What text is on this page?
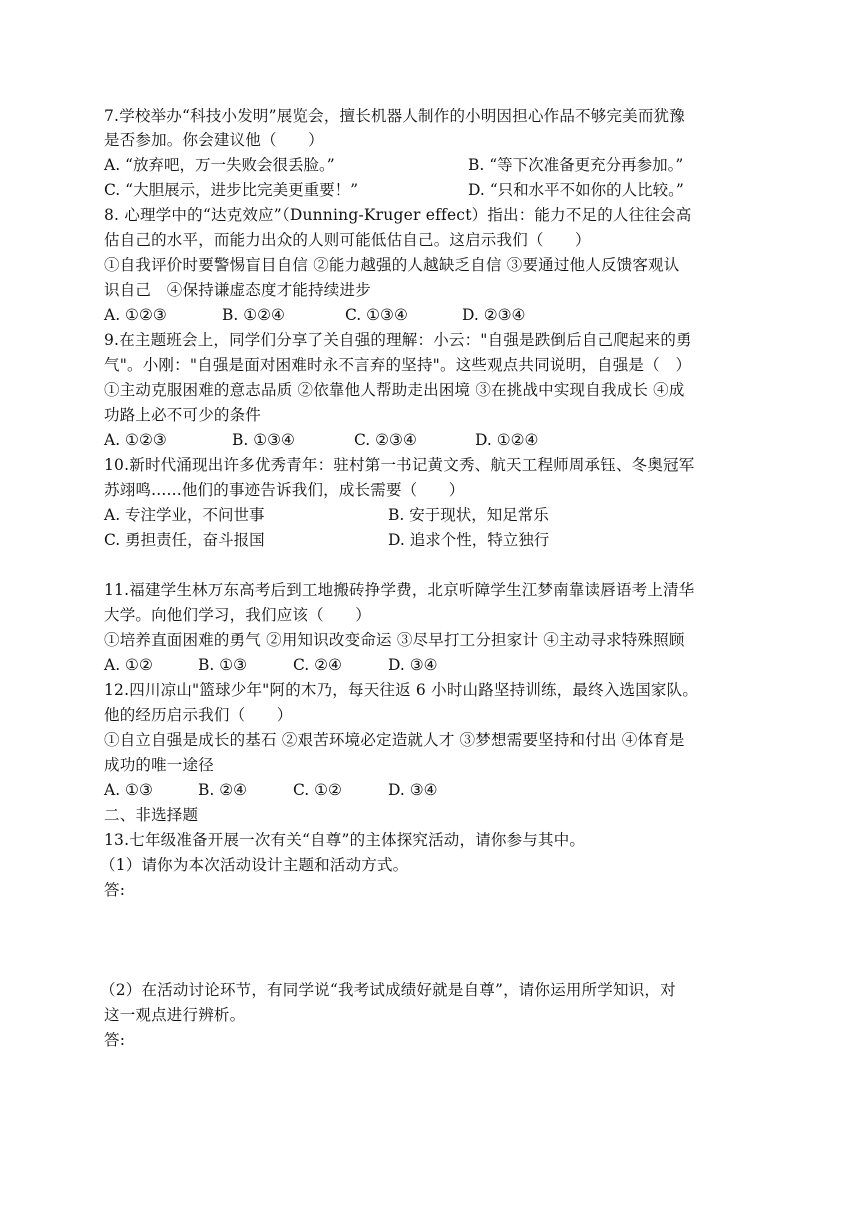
7.学校举办“科技小发明”展览会，擅长机器人制作的小明因担心作品不够完美而犹豫
是否参加。你会建议他（　　）
A. “放弃吧，万一失败会很丢脸。”	B. “等下次准备更充分再参加。”
C. “大胆展示，进步比完美更重要！”	D. “只和水平不如你的人比较。”
8. 心理学中的“达克效应”（Dunning-Kruger effect）指出：能力不足的人往往会高
估自己的水平，而能力出众的人则可能低估自己。这启示我们（　　）
①自我评价时要警惕盲目自信 ②能力越强的人越缺乏自信 ③要通过他人反馈客观认
识自己　④保持谦虚态度才能持续进步
A. ①②③	B. ①②④	C. ①③④	D. ②③④
9.在主题班会上，同学们分享了关自强的理解：小云："自强是跌倒后自己爬起来的勇
气"。小刚："自强是面对困难时永不言弃的坚持"。这些观点共同说明，自强是（　）
①主动克服困难的意志品质 ②依靠他人帮助走出困境 ③在挑战中实现自我成长 ④成
功路上必不可少的条件
A. ①②③	B. ①③④	C. ②③④	D. ①②④
10.新时代涌现出许多优秀青年：驻村第一书记黄文秀、航天工程师周承钰、冬奥冠军
苏翊鸣......他们的事迹告诉我们，成长需要（　　）
A. 专注学业，不问世事	B. 安于现状，知足常乐
C. 勇担责任，奋斗报国	D. 追求个性，特立独行
11.福建学生林万东高考后到工地搬砖挣学费，北京听障学生江梦南靠读唇语考上清华
大学。向他们学习，我们应该（　　）
①培养直面困难的勇气 ②用知识改变命运 ③尽早打工分担家计 ④主动寻求特殊照顾
A. ①②	B. ①③	C. ②④	D. ③④
12.四川凉山"篮球少年"阿的木乃，每天往返 6 小时山路坚持训练，最终入选国家队。
他的经历启示我们（　　）
①自立自强是成长的基石 ②艰苦环境必定造就人才 ③梦想需要坚持和付出 ④体育是
成功的唯一途径
A. ①③	B. ②④	C. ①②	D. ③④
二、非选择题
13.七年级准备开展一次有关“自尊”的主体探究活动，请你参与其中。
（1）请你为本次活动设计主题和活动方式。
答:
（2）在活动讨论环节，有同学说“我考试成绩好就是自尊”，请你运用所学知识，对
这一观点进行辨析。
答:
